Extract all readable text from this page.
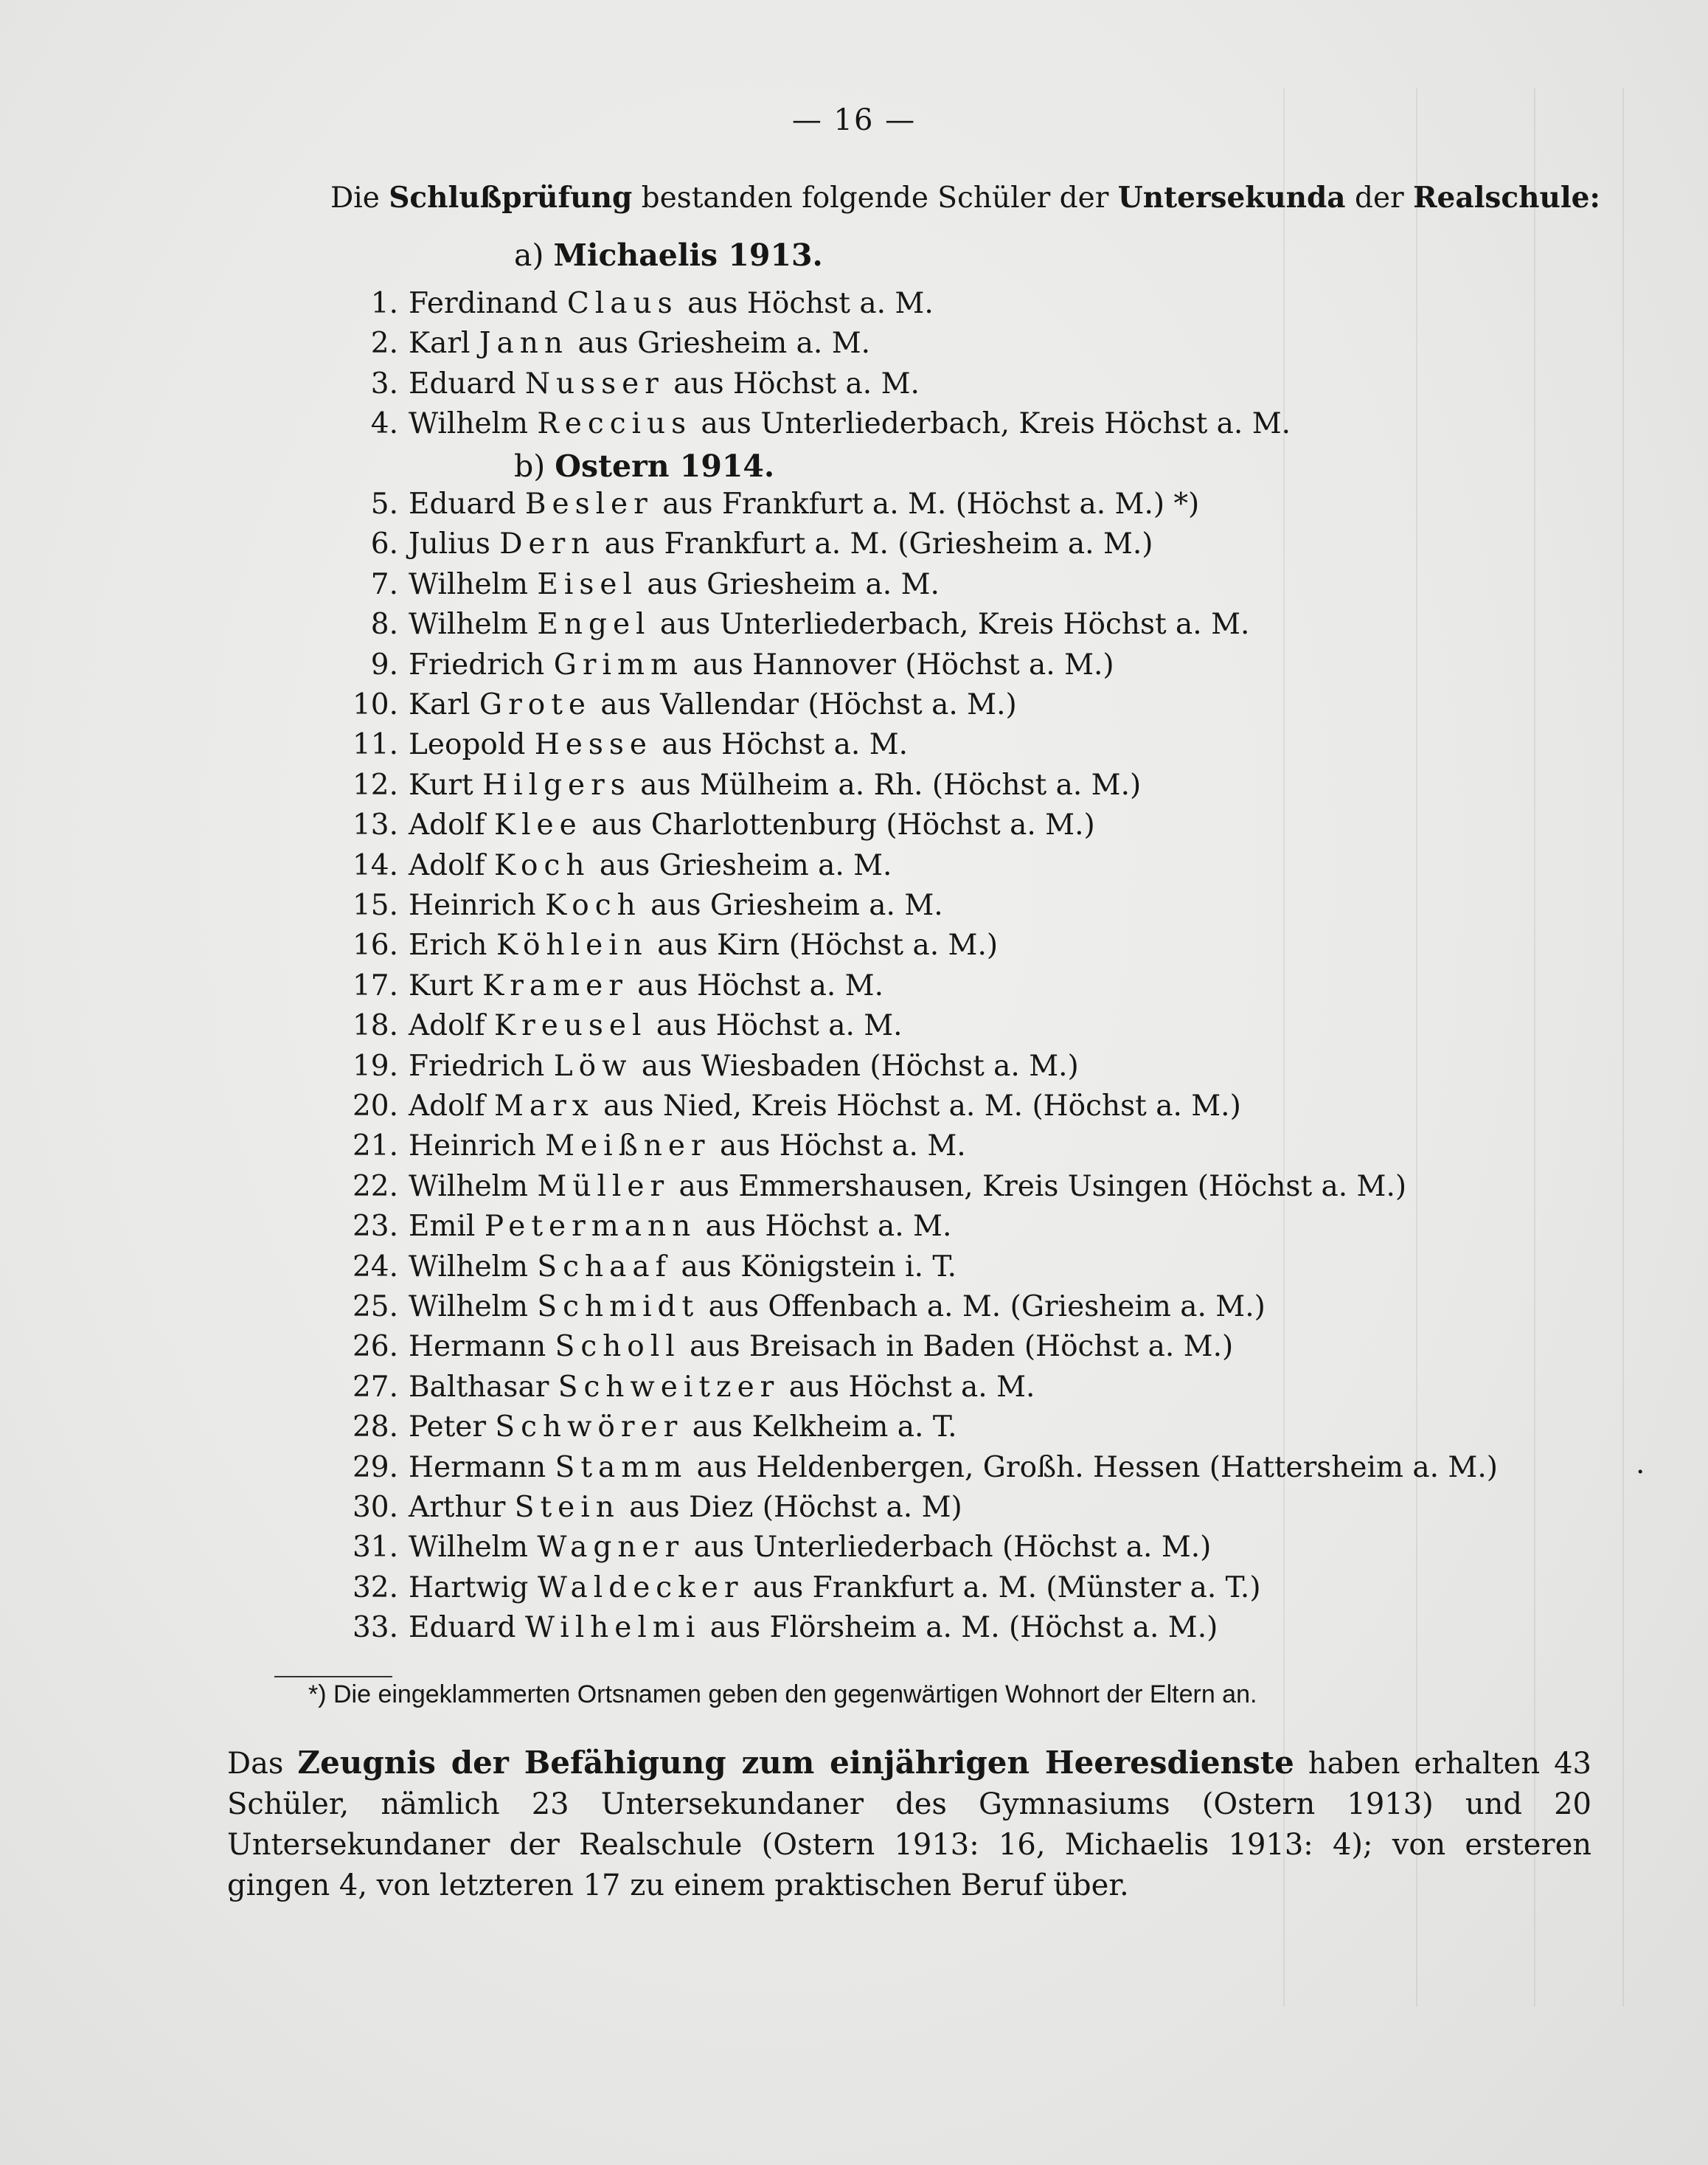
— 16 —
Die Schlußprüfung bestanden folgende Schüler der Untersekunda der Realschule:
a) Michaelis 1913.
b) Ostern 1914.
1. Ferdinand Claus aus Höchst a. M.
2. Karl Jann aus Griesheim a. M.
3. Eduard Nusser aus Höchst a. M.
4. Wilhelm Reccius aus Unterliederbach, Kreis Höchst a. M.
5. Eduard Besler aus Frankfurt a. M. (Höchst a. M.) *)
6. Julius Dern aus Frankfurt a. M. (Griesheim a. M.)
7. Wilhelm Eisel aus Griesheim a. M.
8. Wilhelm Engel aus Unterliederbach, Kreis Höchst a. M.
9. Friedrich Grimm aus Hannover (Höchst a. M.)
10. Karl Grote aus Vallendar (Höchst a. M.)
11. Leopold Hesse aus Höchst a. M.
12. Kurt Hilgers aus Mülheim a. Rh. (Höchst a. M.)
13. Adolf Klee aus Charlottenburg (Höchst a. M.)
14. Adolf Koch aus Griesheim a. M.
15. Heinrich Koch aus Griesheim a. M.
16. Erich Köhlein aus Kirn (Höchst a. M.)
17. Kurt Kramer aus Höchst a. M.
18. Adolf Kreusel aus Höchst a. M.
19. Friedrich Löw aus Wiesbaden (Höchst a. M.)
20. Adolf Marx aus Nied, Kreis Höchst a. M. (Höchst a. M.)
21. Heinrich Meißner aus Höchst a. M.
22. Wilhelm Müller aus Emmershausen, Kreis Usingen (Höchst a. M.)
23. Emil Petermann aus Höchst a. M.
24. Wilhelm Schaaf aus Königstein i. T.
25. Wilhelm Schmidt aus Offenbach a. M. (Griesheim a. M.)
26. Hermann Scholl aus Breisach in Baden (Höchst a. M.)
27. Balthasar Schweitzer aus Höchst a. M.
28. Peter Schwörer aus Kelkheim a. T.
29. Hermann Stamm aus Heldenbergen, Großh. Hessen (Hattersheim a. M.)
30. Arthur Stein aus Diez (Höchst a. M)
31. Wilhelm Wagner aus Unterliederbach (Höchst a. M.)
32. Hartwig Waldecker aus Frankfurt a. M. (Münster a. T.)
33. Eduard Wilhelmi aus Flörsheim a. M. (Höchst a. M.)
.
*) Die eingeklammerten Ortsnamen geben den gegenwärtigen Wohnort der Eltern an.
Das Zeugnis der Befähigung zum einjährigen Heeresdienste haben erhalten 43 Schüler, nämlich 23 Untersekundaner des Gymnasiums (Ostern 1913) und 20 Untersekundaner der Realschule (Ostern 1913: 16, Michaelis 1913: 4); von ersteren gingen 4, von letzteren 17 zu einem praktischen Beruf über.
